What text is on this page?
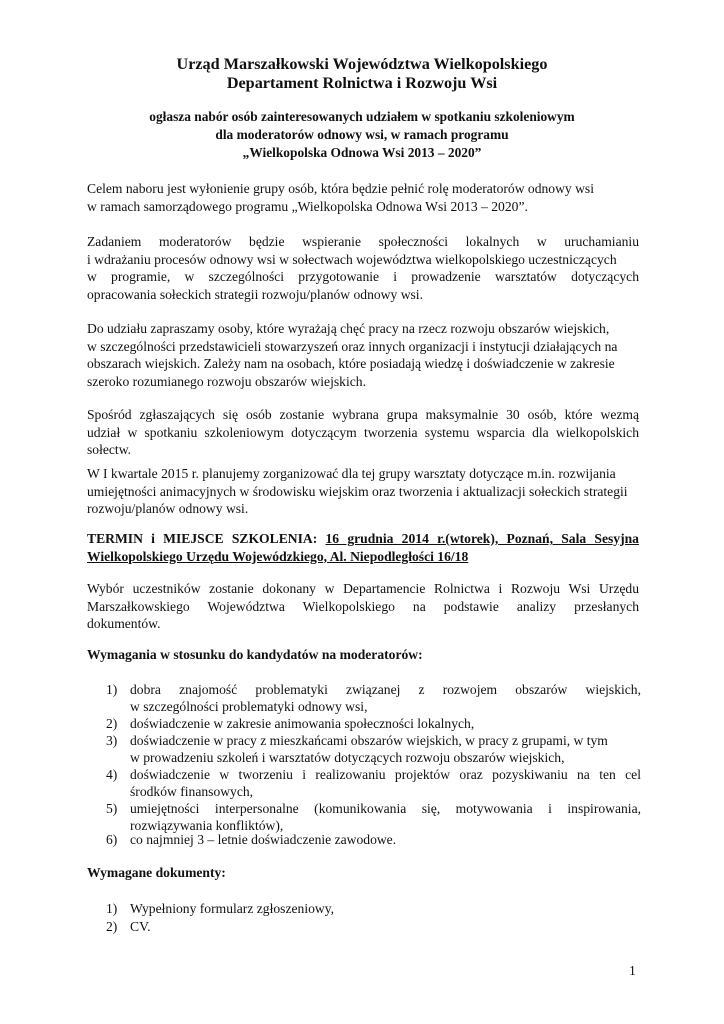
Urząd Marszałkowski Województwa Wielkopolskiego
Departament Rolnictwa i Rozwoju Wsi
ogłasza nabór osób zainteresowanych udziałem w spotkaniu szkoleniowym
dla moderatorów odnowy wsi, w ramach programu
„Wielkopolska Odnowa Wsi 2013 – 2020”
Celem naboru jest wyłonienie grupy osób, która będzie pełnić rolę moderatorów odnowy wsi
w ramach samorządowego programu „Wielkopolska Odnowa Wsi 2013 – 2020”.
Zadaniem moderatorów będzie wspieranie społeczności lokalnych w uruchamianiu
i wdrażaniu procesów odnowy wsi w sołectwach województwa wielkopolskiego uczestniczących
w programie, w szczególności przygotowanie i prowadzenie warsztatów dotyczących
opracowania sołeckich strategii rozwoju/planów odnowy wsi.
Do udziału zapraszamy osoby, które wyrażają chęć pracy na rzecz rozwoju obszarów wiejskich,
w szczególności przedstawicieli stowarzyszeń oraz innych organizacji i instytucji działających na
obszarach wiejskich. Zależy nam na osobach, które posiadają wiedzę i doświadczenie w zakresie
szeroko rozumianego rozwoju obszarów wiejskich.
Spośród zgłaszających się osób zostanie wybrana grupa maksymalnie 30 osób, które wezmą
udział w spotkaniu szkoleniowym dotyczącym tworzenia systemu wsparcia dla wielkopolskich
sołectw.
W I kwartale 2015 r. planujemy zorganizować dla tej grupy warsztaty dotyczące m.in. rozwijania
umiejętności animacyjnych w środowisku wiejskim oraz tworzenia i aktualizacji sołeckich strategii
rozwoju/planów odnowy wsi.
TERMIN i MIEJSCE SZKOLENIA: 16 grudnia 2014 r.(wtorek), Poznań, Sala Sesyjna
Wielkopolskiego Urzędu Wojewódzkiego, Al. Niepodległości 16/18
Wybór uczestników zostanie dokonany w Departamencie Rolnictwa i Rozwoju Wsi Urzędu
Marszałkowskiego Województwa Wielkopolskiego na podstawie analizy przesłanych
dokumentów.
Wymagania w stosunku do kandydatów na moderatorów:
1) dobra znajomość problematyki związanej z rozwojem obszarów wiejskich,
w szczególności problematyki odnowy wsi,
2) doświadczenie w zakresie animowania społeczności lokalnych,
3) doświadczenie w pracy z mieszkańcami obszarów wiejskich, w pracy z grupami, w tym
w prowadzeniu szkoleń i warsztatów dotyczących rozwoju obszarów wiejskich,
4) doświadczenie w tworzeniu i realizowaniu projektów oraz pozyskiwaniu na ten cel
środków finansowych,
5) umiejętności interpersonalne (komunikowania się, motywowania i inspirowania,
rozwiązywania konfliktów),
6) co najmniej 3 – letnie doświadczenie zawodowe.
Wymagane dokumenty:
1) Wypełniony formularz zgłoszeniowy,
2) CV.
1
